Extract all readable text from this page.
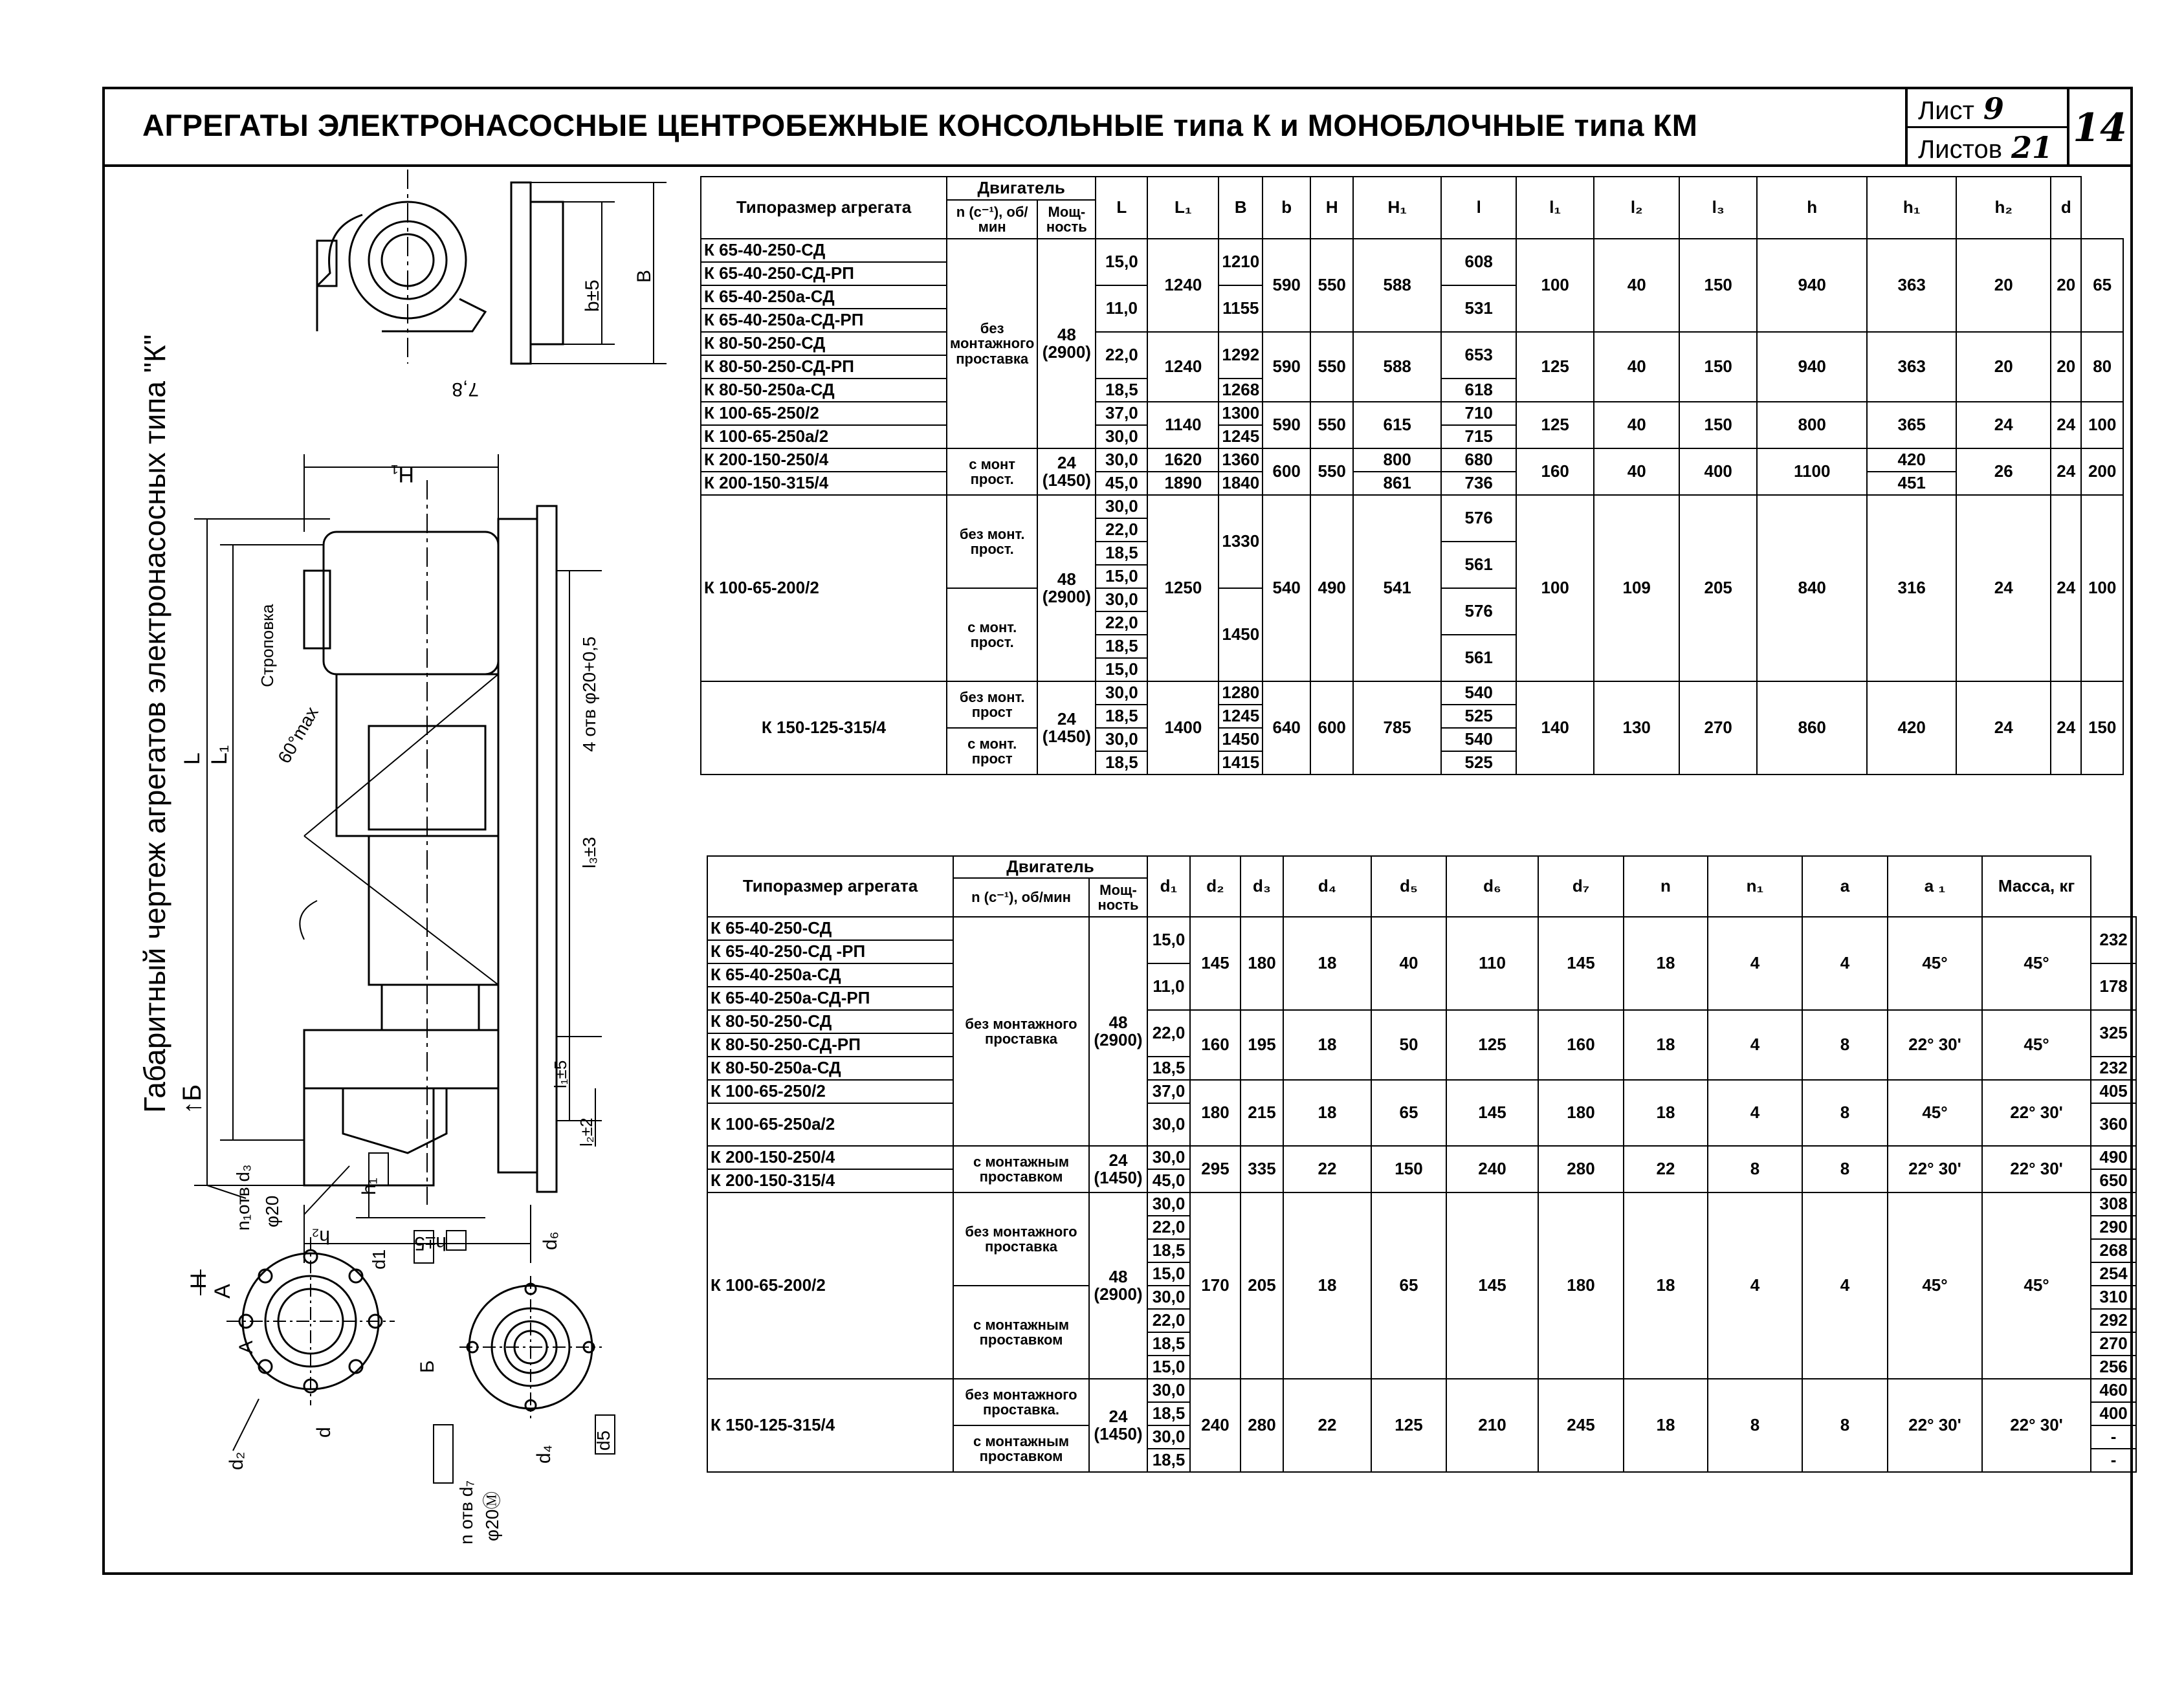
АГРЕГАТЫ ЭЛЕКТРОНАСОСНЫЕ ЦЕНТРОБЕЖНЫЕ КОНСОЛЬНЫЕ типа К и МОНОБЛОЧНЫЕ типа КМ	Лист 9
Листов 21 14
Габаритный чертеж агрегатов электронасосных типа "К"
b±5
B
7,8
H₁
Строповка
60°max
L L₁
4 отв φ20+0,5
l₃±3
l₁±5
l₂±2
↑Б
h₁
h₂	h±5
H
A
n₁отв d₃ φ20
d1
d₂
d
A
d₆
d₄
d5
Б
n отв d₇ φ20Ⓜ
Типоразмер агрегата	Двигатель		L	L₁	B	b	H	H₁	l	l₁	l₂	l₃	h	h₁	h₂	d	
	n (с⁻¹), об/мин	Мощ-ность															
К 65-40-250-СД	без монтажного проставка	48 (2900)	15,0	1240	1210	590	550	588	608	100	40	150	940	363	20	20	65
К 65-40-250-СД-РП																	
К 65-40-250а-СД			11,0		1155				531								
К 65-40-250а-СД-РП																	
К 80-50-250-СД			22,0	1240	1292	590	550	588	653	125	40	150	940	363	20	20	80
К 80-50-250-СД-РП																	
К 80-50-250а-СД			18,5		1268				618								
К 100-65-250/2			37,0	1140	1300	590	550	615	710	125	40	150	800	365	24	24	100
К 100-65-250а/2			30,0		1245				715								
К 200-150-250/4	с монт прост.	24 (1450)	30,0	1620	1360	600	550	800	680	160	40	400	1100	420	26	24	200
К 200-150-315/4			45,0	1890	1840			861	736					451			
К 100-65-200/2	без монт. прост.	48 (2900)	30,0	1250	1330	540	490	541	576	100	109	205	840	316	24	24	100
			22,0														
			18,5						561								
			15,0														
	с монт. прост.		30,0		1450				576								
			22,0														
			18,5						561								
			15,0														
К 150-125-315/4	без монт. прост	24 (1450)	30,0	1400	1280	640	600	785	540	140	130	270	860	420	24	24	150
			18,5		1245				525								
	с монт. прост		30,0		1450				540								
			18,5		1415				525								
Типоразмер агрегата	Двигатель		d₁	d₂	d₃	d₄	d₅	d₆	d₇	n	n₁	a	a ₁	Масса, кг	
	n (с⁻¹), об/мин	Мощ-ность													
К 65-40-250-СД	без монтажного проставка	48 (2900)	15,0	145	180	18	40	110	145	18	4	4	45°	45°	232
К 65-40-250-СД -РП															
К 65-40-250а-СД			11,0												178
К 65-40-250а-СД-РП															
К 80-50-250-СД			22,0	160	195	18	50	125	160	18	4	8	22° 30'	45°	325
К 80-50-250-СД-РП															
К 80-50-250а-СД			18,5												232
К 100-65-250/2			37,0	180	215	18	65	145	180	18	4	8	45°	22° 30'	405
К 100-65-250а/2			30,0												360
К 200-150-250/4	с монтажным проставком	24 (1450)	30,0	295	335	22	150	240	280	22	8	8	22° 30'	22° 30'	490
К 200-150-315/4			45,0												650
К 100-65-200/2	без монтажного проставка	48 (2900)	30,0	170	205	18	65	145	180	18	4	4	45°	45°	308
			22,0												290
			18,5												268
			15,0												254
	с монтажным проставком		30,0												310
			22,0												292
			18,5												270
			15,0												256
К 150-125-315/4	без монтажного проставка.	24 (1450)	30,0	240	280	22	125	210	245	18	8	8	22° 30'	22° 30'	460
			18,5												400
	с монтажным проставком		30,0												-
			18,5												-
